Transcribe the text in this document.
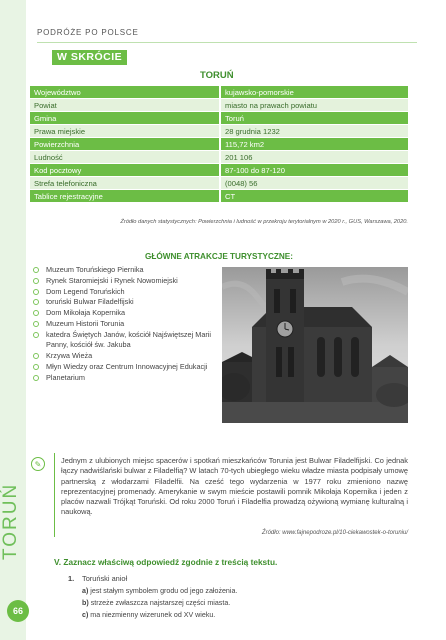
TORUŃ
66
PODRÓŻE PO POLSCE
W SKRÓCIE
TORUŃ
Województwo	kujawsko-pomorskie
Powiat	miasto na prawach powiatu
Gmina	Toruń
Prawa miejskie	28 grudnia 1232
Powierzchnia	115,72 km2
Ludność	201 106
Kod pocztowy	87-100 do 87-120
Strefa telefoniczna	(0048) 56
Tablice rejestracyjne	CT
Źródło danych statystycznych: Powierzchnia i ludność w przekroju terytorialnym w 2020 r., GUS, Warszawa, 2020.
GŁÓWNE ATRAKCJE TURYSTYCZNE:
Muzeum Toruńskiego Piernika
Rynek Staromiejski i Rynek Nowomiejski
Dom Legend Toruńskich
toruński Bulwar Filadelfijski
Dom Mikołaja Kopernika
Muzeum Historii Torunia
katedra Świętych Janów, kościół Najświętszej Marii Panny, kościół św. Jakuba
Krzywa Wieża
Młyn Wiedzy oraz Centrum Innowacyjnej Edukacji
Planetarium
✎	Jednym z ulubionych miejsc spacerów i spotkań mieszkańców Torunia jest Bulwar Filadelfijski. Co jednak łączy nadwiślański bulwar z Filadelfią? W latach 70-tych ubiegłego wieku władze miasta podpisały umowę partnerską z włodarzami Filadelfii. Na cześć tego wydarzenia w 1977 roku zmieniono nazwę reprezentacyjnej promenady. Amerykanie w swym mieście postawili pomnik Mikołaja Kopernika i jeden z placów nazwali Trójkąt Toruński. Od roku 2000 Toruń i Filadelfia prowadzą ożywioną wymianę kulturalną i naukową.
Źródło: www.fajnepodroze.pl/10-ciekawostek-o-toruniu/
V. Zaznacz właściwą odpowiedź zgodnie z treścią tekstu.
1. Toruński anioł
a) jest stałym symbolem grodu od jego założenia.
b) strzeże zwłaszcza najstarszej części miasta.
c) ma niezmienny wizerunek od XV wieku.
